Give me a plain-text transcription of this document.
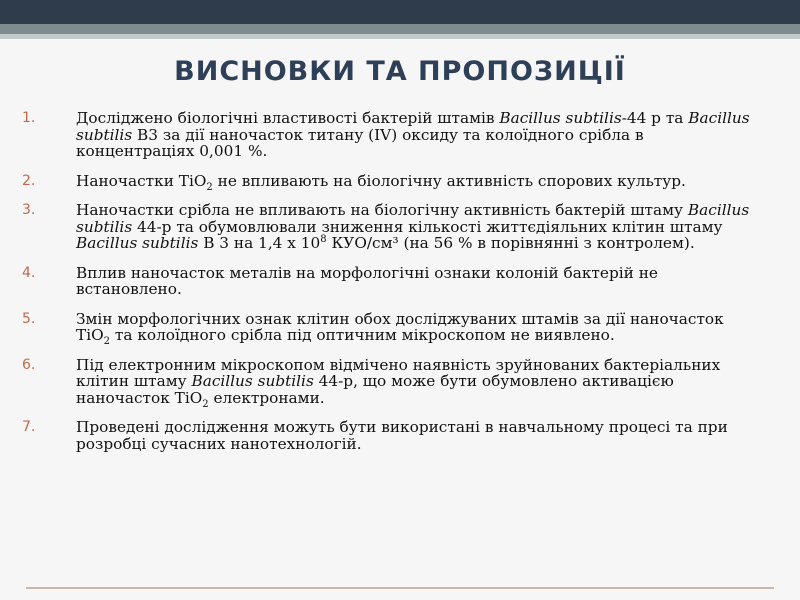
ВИСНОВКИ ТА ПРОПОЗИЦІЇ
1.	Досліджено біологічні властивості бактерій штамів Bacillus subtilis-44 р та Bacillus subtilis В3 за дії наночасток титану (IV) оксиду та колоїдного срібла в концентраціях 0,001 %.
2.	Наночастки TiO$_2$ не впливають на біологічну активність спорових культур.
3.	Наночастки срібла не впливають на біологічну активність бактерій штаму Bacillus subtilis 44-р та обумовлювали зниження кількості життєдіяльних клітин штаму Bacillus subtilis В 3 на 1,4 х $10^8$ КУО/см³ (на 56 % в порівнянні з контролем).
4.	Вплив наночасток металів на морфологічні ознаки колоній бактерій не встановлено.
5.	Змін морфологічних ознак клітин обох досліджуваних штамів за дії наночасток TiO$_2$ та колоїдного срібла під оптичним мікроскопом не виявлено.
6.	Під електронним мікроскопом відмічено наявність зруйнованих бактеріальних клітин штаму Bacillus subtilis 44-р, що може бути обумовлено активацією наночасток TiO$_2$ електронами.
7.	Проведені дослідження можуть бути використані в навчальному процесі та при розробці сучасних нанотехнологій.
